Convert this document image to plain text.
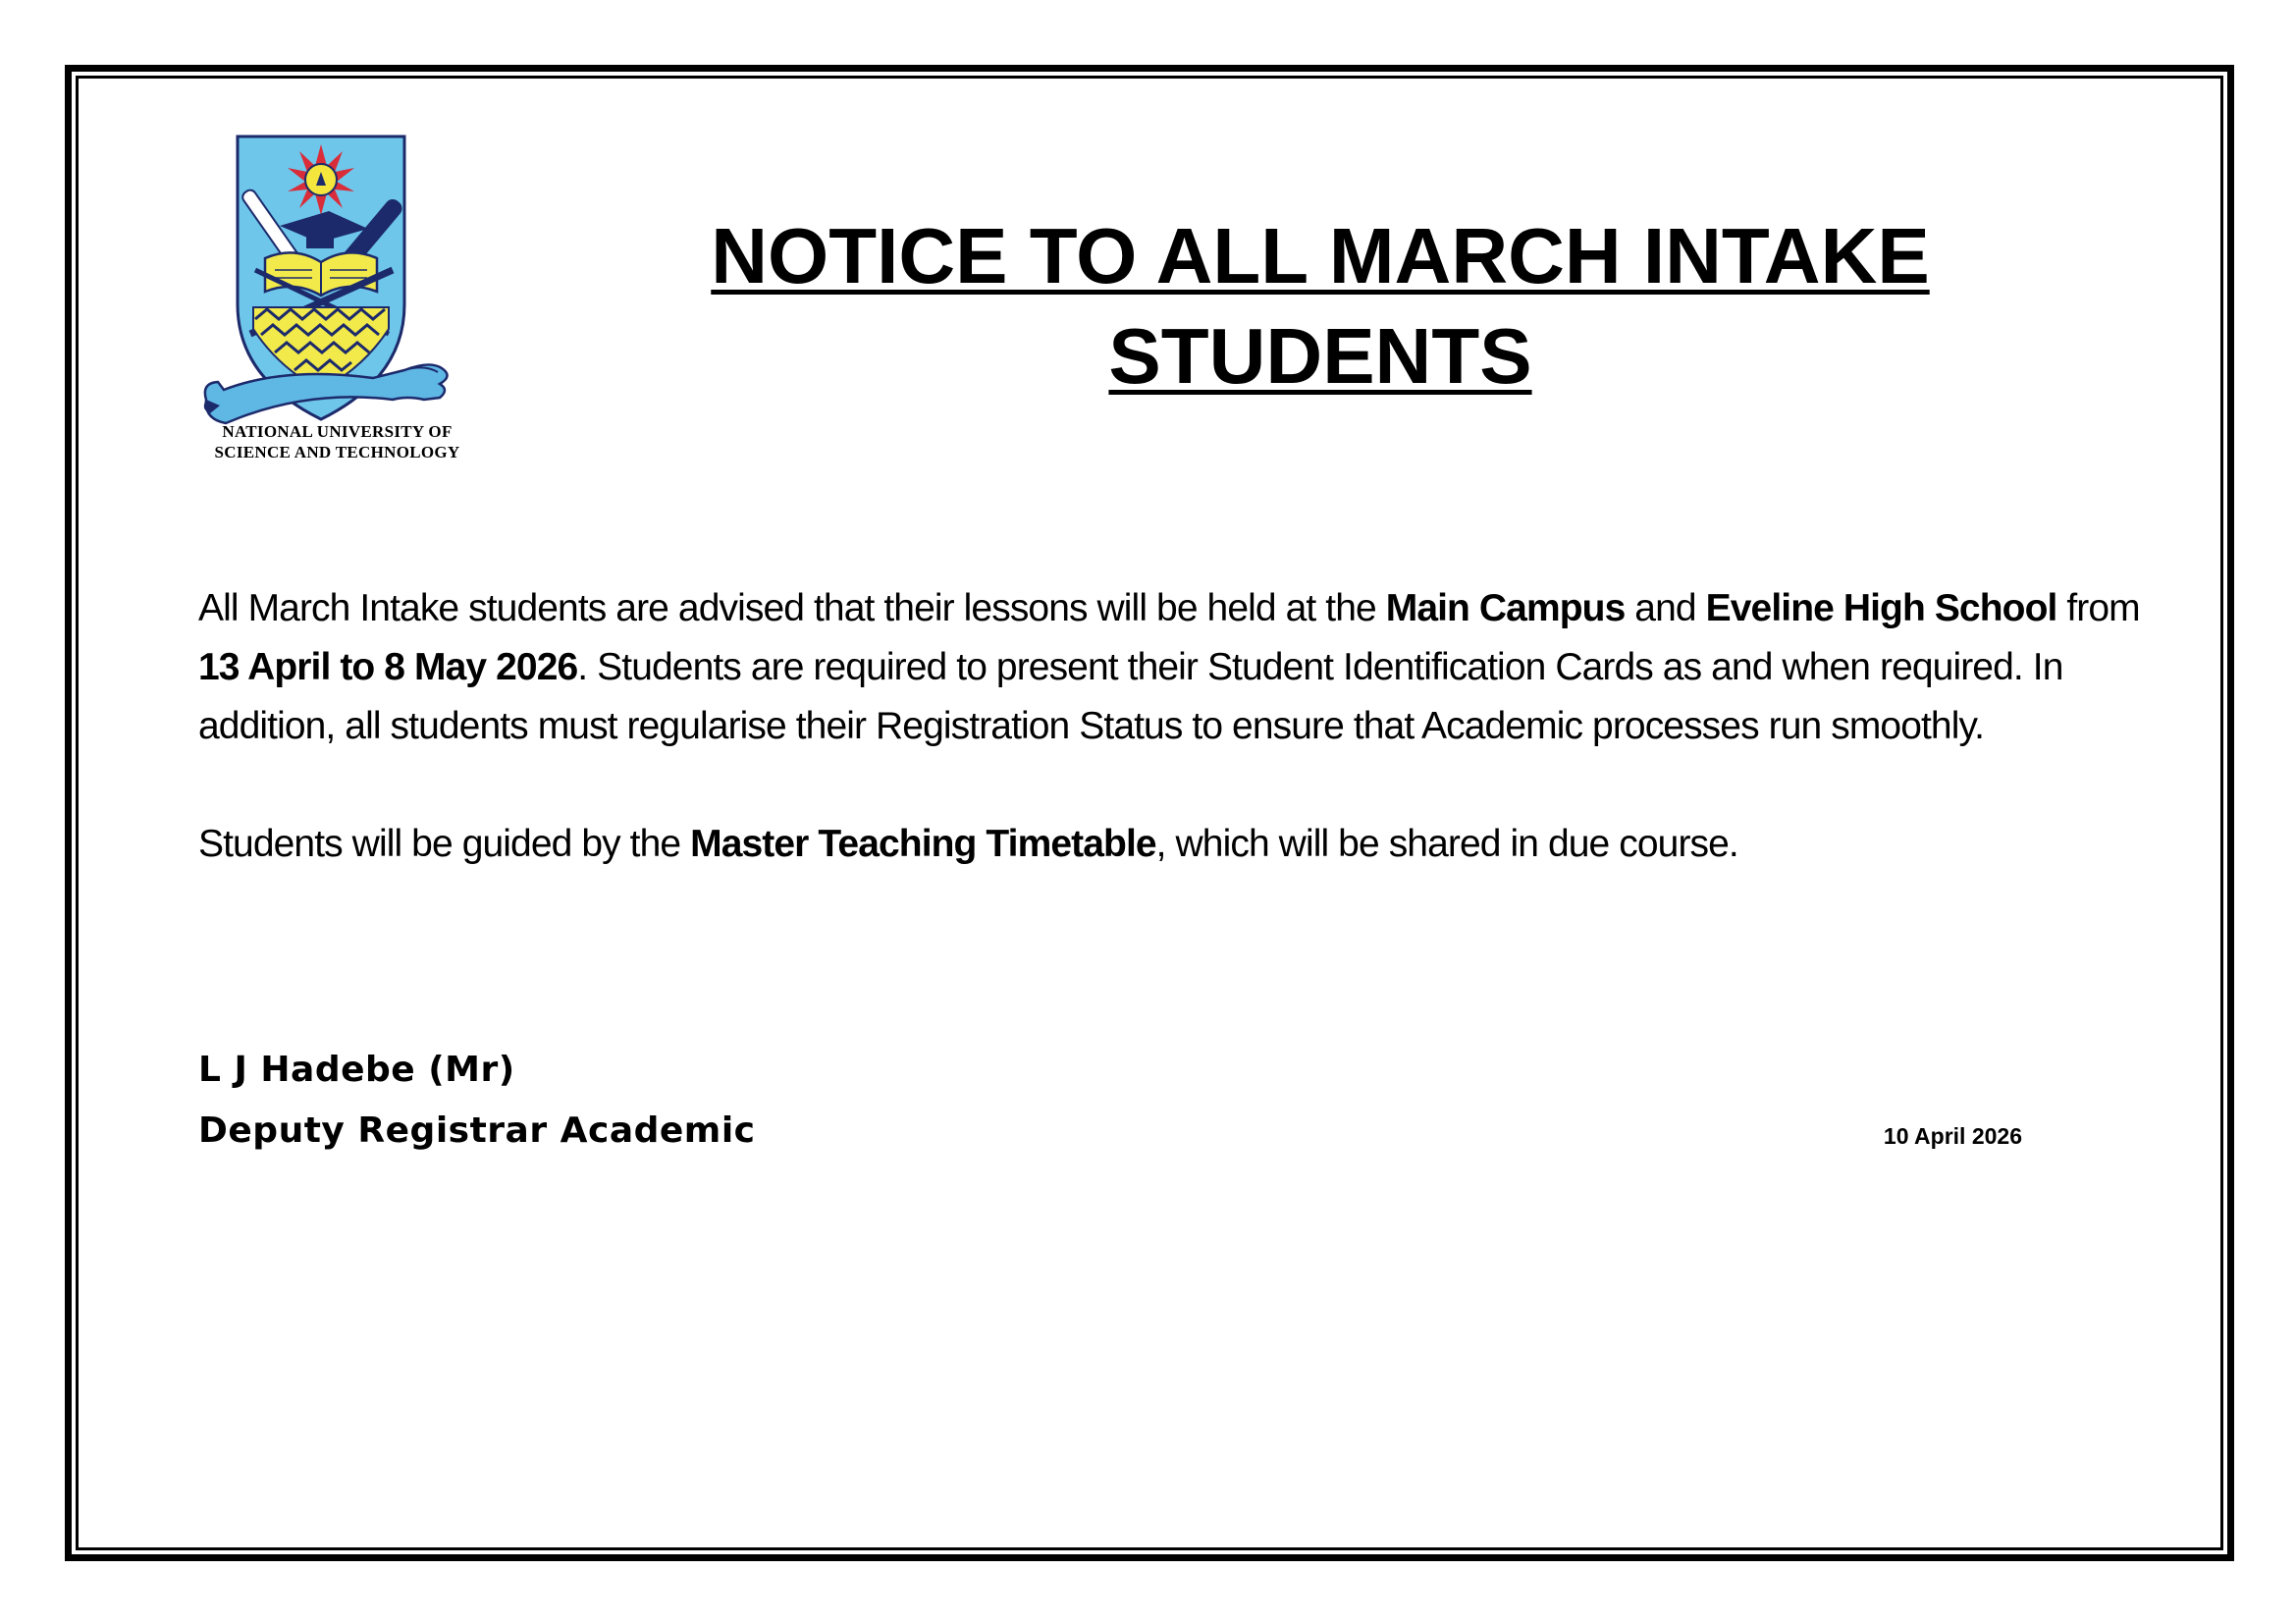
NATIONAL UNIVERSITY OF
SCIENCE AND TECHNOLOGY
NOTICE TO ALL MARCH INTAKE
STUDENTS

All March Intake students are advised that their lessons will be held at the Main Campus and Eveline High School from
13 April to 8 May 2026. Students are required to present their Student Identification Cards as and when required. In addition, all students must regularise their Registration Status to ensure that Academic processes run smoothly.

Students will be guided by the Master Teaching Timetable, which will be shared in due course.

L J Hadebe (Mr)
Deputy Registrar Academic	10 April 2026
